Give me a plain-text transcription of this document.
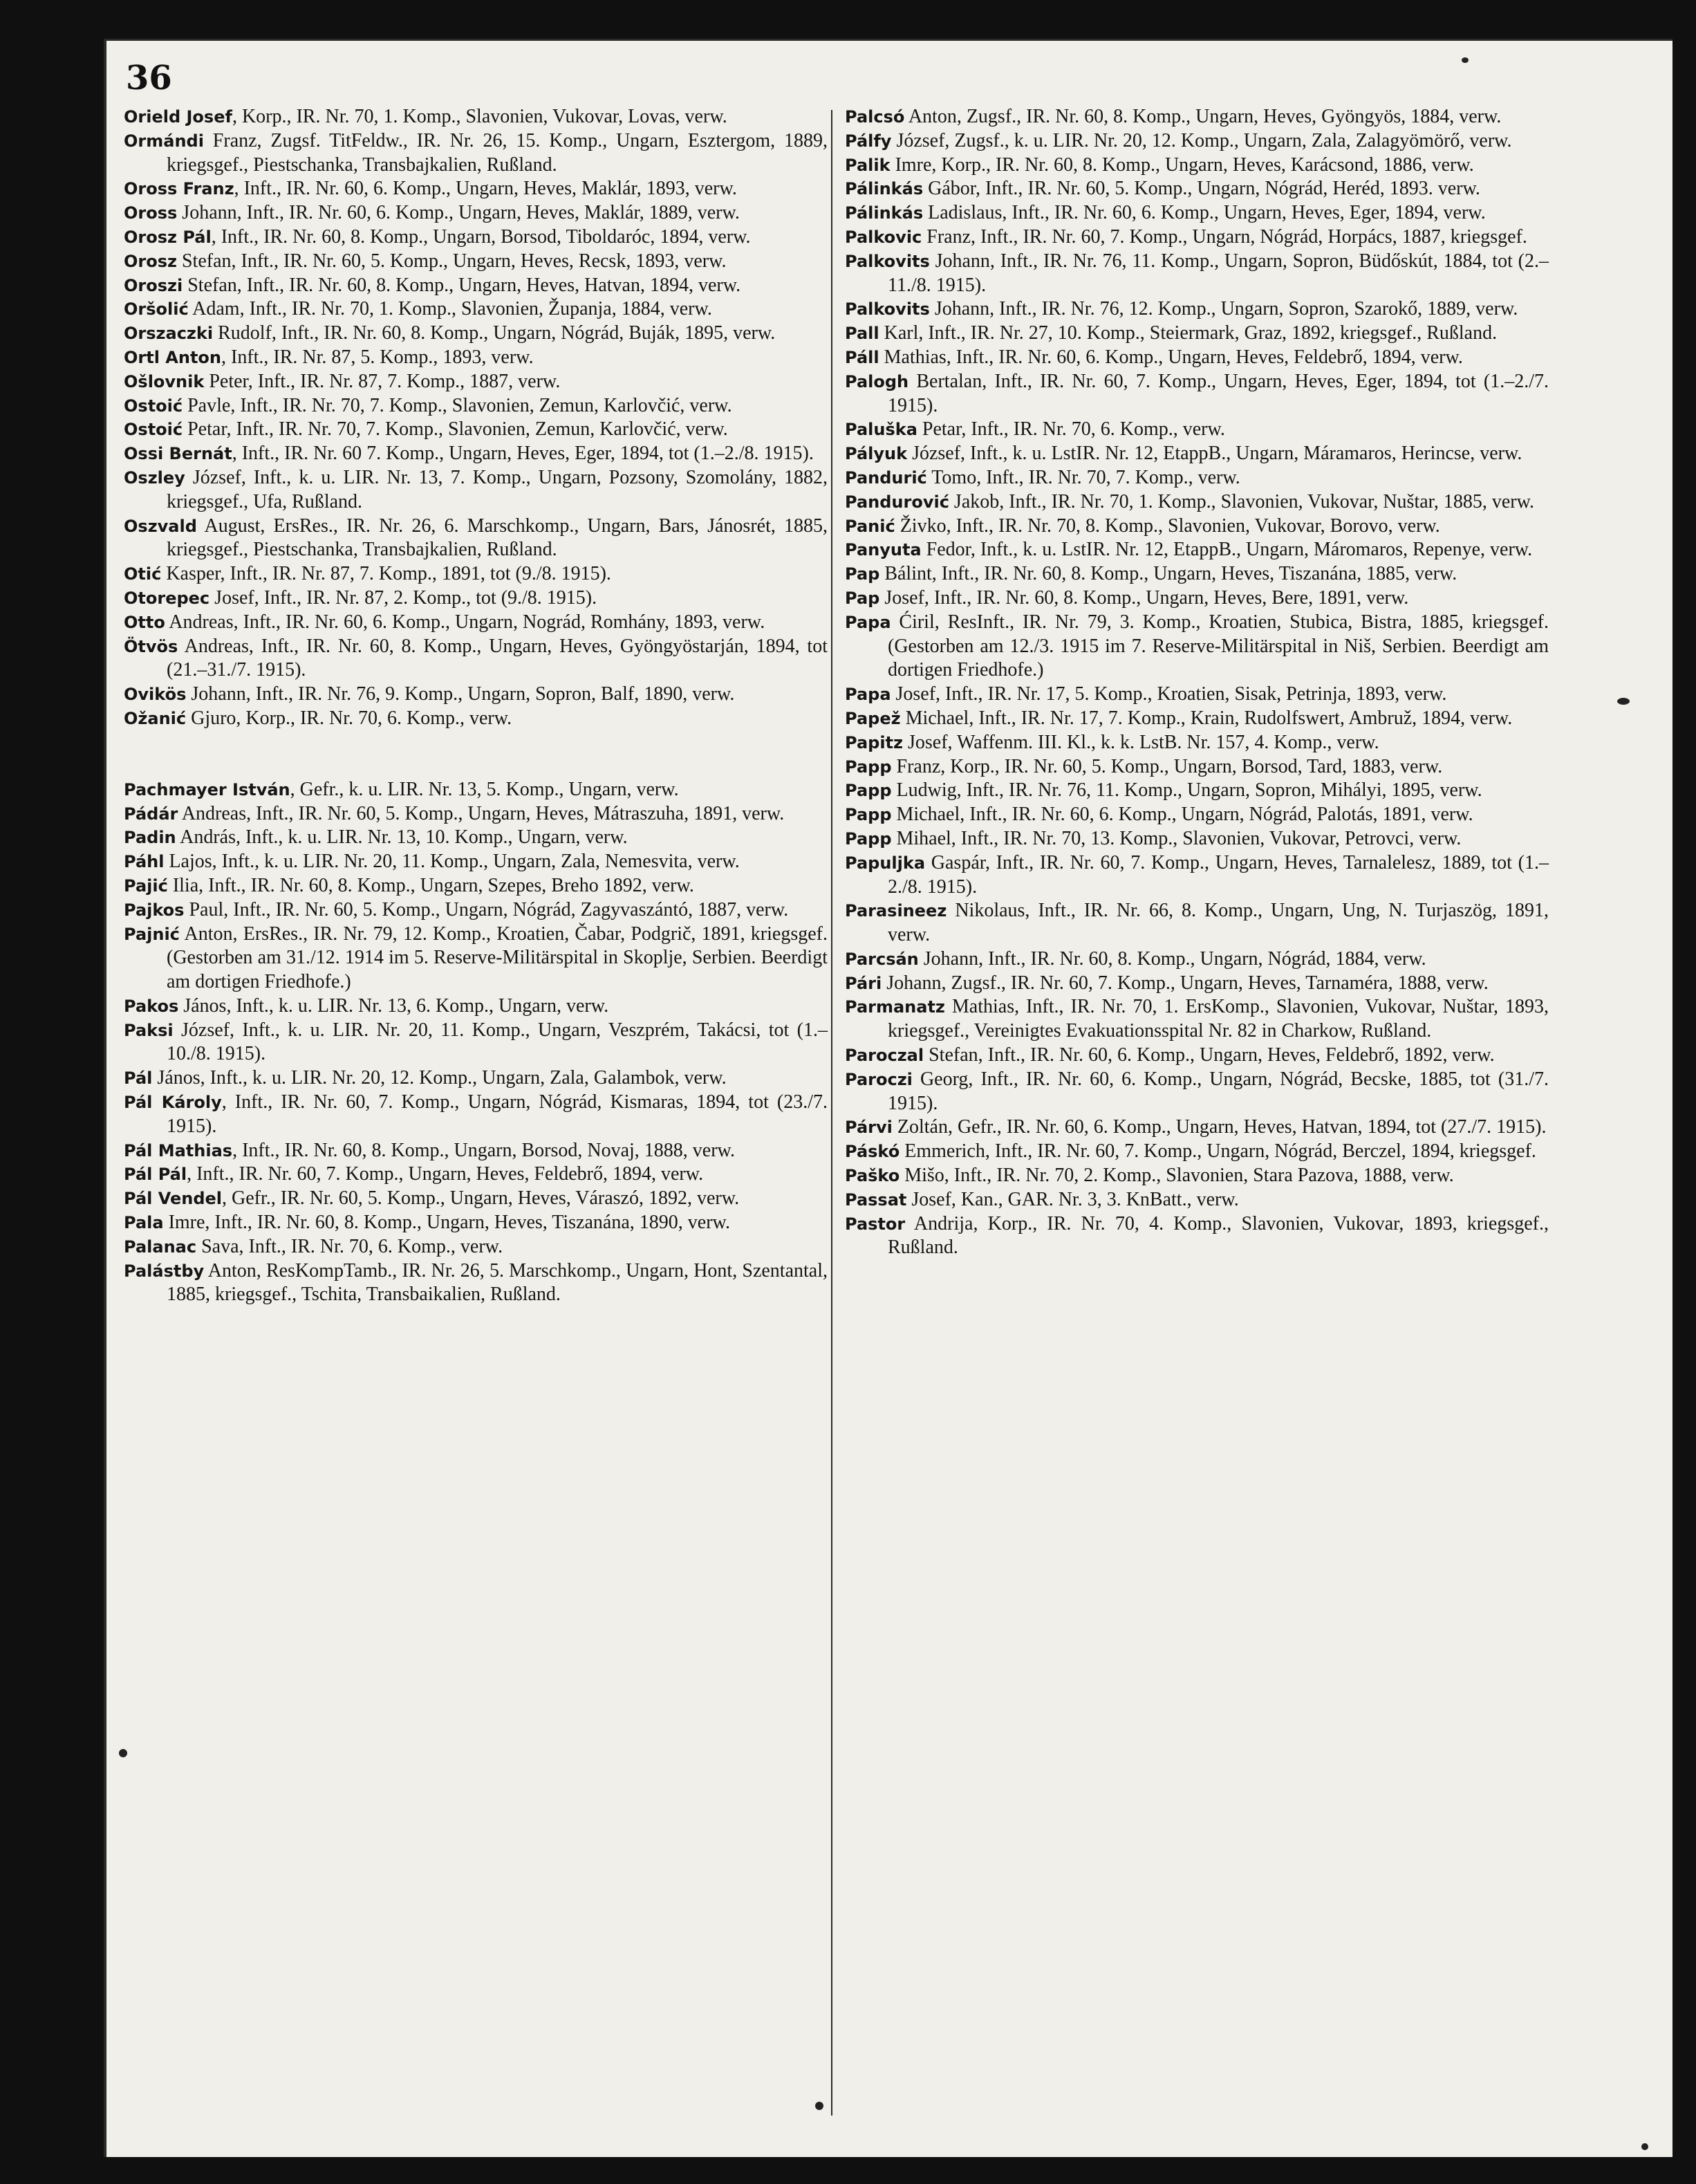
36

Orield Josef, Korp., IR. Nr. 70, 1. Komp., Slavonien, Vukovar, Lovas, verw.

Ormándi Franz, Zugsf. TitFeldw., IR. Nr. 26, 15. Komp., Ungarn, Esztergom, 1889, kriegsgef., Piestschanka, Transbajkalien, Rußland.

Oross Franz, Inft., IR. Nr. 60, 6. Komp., Ungarn, Heves, Maklár, 1893, verw.

Oross Johann, Inft., IR. Nr. 60, 6. Komp., Ungarn, Heves, Maklár, 1889, verw.

Orosz Pál, Inft., IR. Nr. 60, 8. Komp., Ungarn, Borsod, Tiboldaróc, 1894, verw.

Orosz Stefan, Inft., IR. Nr. 60, 5. Komp., Ungarn, Heves, Recsk, 1893, verw.

Oroszi Stefan, Inft., IR. Nr. 60, 8. Komp., Ungarn, Heves, Hatvan, 1894, verw.

Oršolić Adam, Inft., IR. Nr. 70, 1. Komp., Slavonien, Županja, 1884, verw.

Orszaczki Rudolf, Inft., IR. Nr. 60, 8. Komp., Ungarn, Nógrád, Buják, 1895, verw.

Ortl Anton, Inft., IR. Nr. 87, 5. Komp., 1893, verw.

Ošlovnik Peter, Inft., IR. Nr. 87, 7. Komp., 1887, verw.

Ostoić Pavle, Inft., IR. Nr. 70, 7. Komp., Slavonien, Zemun, Karlovčić, verw.

Ostoić Petar, Inft., IR. Nr. 70, 7. Komp., Slavonien, Zemun, Karlovčić, verw.

Ossi Bernát, Inft., IR. Nr. 60 7. Komp., Ungarn, Heves, Eger, 1894, tot (1.–2./8. 1915).

Oszley József, Inft., k. u. LIR. Nr. 13, 7. Komp., Ungarn, Pozsony, Szomolány, 1882, kriegsgef., Ufa, Rußland.

Oszvald August, ErsRes., IR. Nr. 26, 6. Marschkomp., Ungarn, Bars, Jánosrét, 1885, kriegsgef., Piestschanka, Transbajkalien, Rußland.

Otić Kasper, Inft., IR. Nr. 87, 7. Komp., 1891, tot (9./8. 1915).

Otorepec Josef, Inft., IR. Nr. 87, 2. Komp., tot (9./8. 1915).

Otto Andreas, Inft., IR. Nr. 60, 6. Komp., Ungarn, Nográd, Romhány, 1893, verw.

Ötvös Andreas, Inft., IR. Nr. 60, 8. Komp., Ungarn, Heves, Gyöngyöstarján, 1894, tot (21.–31./7. 1915).

Ovikös Johann, Inft., IR. Nr. 76, 9. Komp., Ungarn, Sopron, Balf, 1890, verw.

Ožanić Gjuro, Korp., IR. Nr. 70, 6. Komp., verw.

Pachmayer István, Gefr., k. u. LIR. Nr. 13, 5. Komp., Ungarn, verw.

Pádár Andreas, Inft., IR. Nr. 60, 5. Komp., Ungarn, Heves, Mátraszuha, 1891, verw.

Padin András, Inft., k. u. LIR. Nr. 13, 10. Komp., Ungarn, verw.

Páhl Lajos, Inft., k. u. LIR. Nr. 20, 11. Komp., Ungarn, Zala, Nemesvita, verw.

Pajić Ilia, Inft., IR. Nr. 60, 8. Komp., Ungarn, Szepes, Breho 1892, verw.

Pajkos Paul, Inft., IR. Nr. 60, 5. Komp., Ungarn, Nógrád, Zagyvaszántó, 1887, verw.

Pajnić Anton, ErsRes., IR. Nr. 79, 12. Komp., Kroatien, Čabar, Podgrič, 1891, kriegsgef. (Gestorben am 31./12. 1914 im 5. Reserve-Militärspital in Skoplje, Serbien. Beerdigt am dortigen Friedhofe.)

Pakos János, Inft., k. u. LIR. Nr. 13, 6. Komp., Ungarn, verw.

Paksi József, Inft., k. u. LIR. Nr. 20, 11. Komp., Ungarn, Veszprém, Takácsi, tot (1.–10./8. 1915).

Pál János, Inft., k. u. LIR. Nr. 20, 12. Komp., Ungarn, Zala, Galambok, verw.

Pál Károly, Inft., IR. Nr. 60, 7. Komp., Ungarn, Nógrád, Kismaras, 1894, tot (23./7. 1915).

Pál Mathias, Inft., IR. Nr. 60, 8. Komp., Ungarn, Borsod, Novaj, 1888, verw.

Pál Pál, Inft., IR. Nr. 60, 7. Komp., Ungarn, Heves, Feldebrő, 1894, verw.

Pál Vendel, Gefr., IR. Nr. 60, 5. Komp., Ungarn, Heves, Váraszó, 1892, verw.

Pala Imre, Inft., IR. Nr. 60, 8. Komp., Ungarn, Heves, Tiszanána, 1890, verw.

Palanac Sava, Inft., IR. Nr. 70, 6. Komp., verw.

Palástby Anton, ResKompTamb., IR. Nr. 26, 5. Marschkomp., Ungarn, Hont, Szentantal, 1885, kriegsgef., Tschita, Transbaikalien, Rußland.

Palcsó Anton, Zugsf., IR. Nr. 60, 8. Komp., Ungarn, Heves, Gyöngyös, 1884, verw.

Pálfy József, Zugsf., k. u. LIR. Nr. 20, 12. Komp., Ungarn, Zala, Zalagyömörő, verw.

Palik Imre, Korp., IR. Nr. 60, 8. Komp., Ungarn, Heves, Karácsond, 1886, verw.

Pálinkás Gábor, Inft., IR. Nr. 60, 5. Komp., Ungarn, Nógrád, Heréd, 1893. verw.

Pálinkás Ladislaus, Inft., IR. Nr. 60, 6. Komp., Ungarn, Heves, Eger, 1894, verw.

Palkovic Franz, Inft., IR. Nr. 60, 7. Komp., Ungarn, Nógrád, Horpács, 1887, kriegsgef.

Palkovits Johann, Inft., IR. Nr. 76, 11. Komp., Ungarn, Sopron, Büdőskút, 1884, tot (2.–11./8. 1915).

Palkovits Johann, Inft., IR. Nr. 76, 12. Komp., Ungarn, Sopron, Szarokő, 1889, verw.

Pall Karl, Inft., IR. Nr. 27, 10. Komp., Steiermark, Graz, 1892, kriegsgef., Rußland.

Páll Mathias, Inft., IR. Nr. 60, 6. Komp., Ungarn, Heves, Feldebrő, 1894, verw.

Palogh Bertalan, Inft., IR. Nr. 60, 7. Komp., Ungarn, Heves, Eger, 1894, tot (1.–2./7. 1915).

Paluška Petar, Inft., IR. Nr. 70, 6. Komp., verw.

Pályuk József, Inft., k. u. LstIR. Nr. 12, EtappB., Ungarn, Máramaros, Herincse, verw.

Pandurić Tomo, Inft., IR. Nr. 70, 7. Komp., verw.

Pandurović Jakob, Inft., IR. Nr. 70, 1. Komp., Slavonien, Vukovar, Nuštar, 1885, verw.

Panić Živko, Inft., IR. Nr. 70, 8. Komp., Slavonien, Vukovar, Borovo, verw.

Panyuta Fedor, Inft., k. u. LstIR. Nr. 12, EtappB., Ungarn, Máromaros, Repenye, verw.

Pap Bálint, Inft., IR. Nr. 60, 8. Komp., Ungarn, Heves, Tiszanána, 1885, verw.

Pap Josef, Inft., IR. Nr. 60, 8. Komp., Ungarn, Heves, Bere, 1891, verw.

Papa Ćiril, ResInft., IR. Nr. 79, 3. Komp., Kroatien, Stubica, Bistra, 1885, kriegsgef. (Gestorben am 12./3. 1915 im 7. Reserve-Militärspital in Niš, Serbien. Beerdigt am dortigen Friedhofe.)

Papa Josef, Inft., IR. Nr. 17, 5. Komp., Kroatien, Sisak, Petrinja, 1893, verw.

Papež Michael, Inft., IR. Nr. 17, 7. Komp., Krain, Rudolfswert, Ambruž, 1894, verw.

Papitz Josef, Waffenm. III. Kl., k. k. LstB. Nr. 157, 4. Komp., verw.

Papp Franz, Korp., IR. Nr. 60, 5. Komp., Ungarn, Borsod, Tard, 1883, verw.

Papp Ludwig, Inft., IR. Nr. 76, 11. Komp., Ungarn, Sopron, Mihályi, 1895, verw.

Papp Michael, Inft., IR. Nr. 60, 6. Komp., Ungarn, Nógrád, Palotás, 1891, verw.

Papp Mihael, Inft., IR. Nr. 70, 13. Komp., Slavonien, Vukovar, Petrovci, verw.

Papuljka Gaspár, Inft., IR. Nr. 60, 7. Komp., Ungarn, Heves, Tarnalelesz, 1889, tot (1.–2./8. 1915).

Parasineez Nikolaus, Inft., IR. Nr. 66, 8. Komp., Ungarn, Ung, N. Turjaszög, 1891, verw.

Parcsán Johann, Inft., IR. Nr. 60, 8. Komp., Ungarn, Nógrád, 1884, verw.

Pári Johann, Zugsf., IR. Nr. 60, 7. Komp., Ungarn, Heves, Tarnaméra, 1888, verw.

Parmanatz Mathias, Inft., IR. Nr. 70, 1. ErsKomp., Slavonien, Vukovar, Nuštar, 1893, kriegsgef., Vereinigtes Evakuationsspital Nr. 82 in Charkow, Rußland.

Paroczal Stefan, Inft., IR. Nr. 60, 6. Komp., Ungarn, Heves, Feldebrő, 1892, verw.

Paroczi Georg, Inft., IR. Nr. 60, 6. Komp., Ungarn, Nógrád, Becske, 1885, tot (31./7. 1915).

Párvi Zoltán, Gefr., IR. Nr. 60, 6. Komp., Ungarn, Heves, Hatvan, 1894, tot (27./7. 1915).

Páskó Emmerich, Inft., IR. Nr. 60, 7. Komp., Ungarn, Nógrád, Berczel, 1894, kriegsgef.

Paško Mišo, Inft., IR. Nr. 70, 2. Komp., Slavonien, Stara Pazova, 1888, verw.

Passat Josef, Kan., GAR. Nr. 3, 3. KnBatt., verw.

Pastor Andrija, Korp., IR. Nr. 70, 4. Komp., Slavonien, Vukovar, 1893, kriegsgef., Rußland.
